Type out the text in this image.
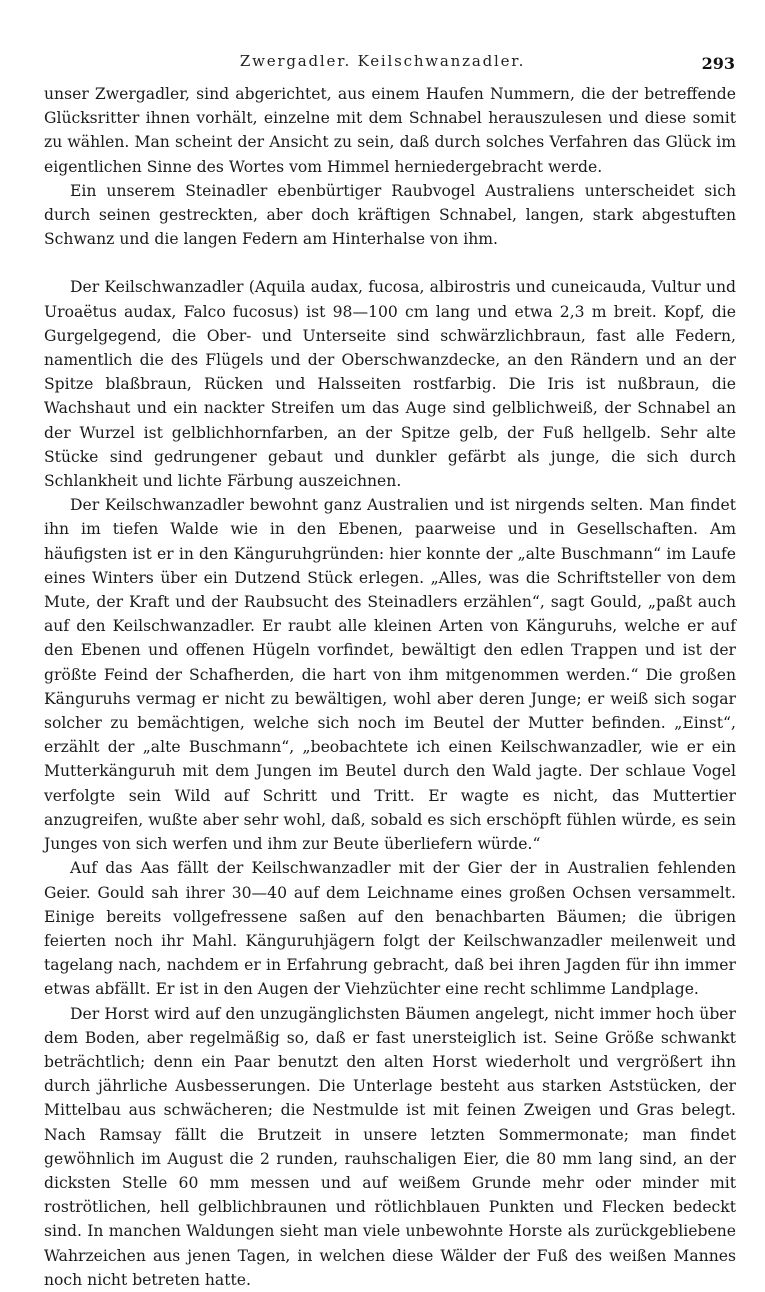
Zwergadler. Keilschwanzadler.	293

unser Zwergadler, sind abgerichtet, aus einem Haufen Nummern, die der betreffende Glücksritter ihnen vorhält, einzelne mit dem Schnabel herauszulesen und diese somit zu wählen. Man scheint der Ansicht zu sein, daß durch solches Verfahren das Glück im eigentlichen Sinne des Wortes vom Himmel herniedergebracht werde.

Ein unserem Steinadler ebenbürtiger Raubvogel Australiens unterscheidet sich durch seinen gestreckten, aber doch kräftigen Schnabel, langen, stark abgestuften Schwanz und die langen Federn am Hinterhalse von ihm.

Der Keilschwanzadler (Aquila audax, fucosa, albirostris und cuneicauda, Vultur und Uroaëtus audax, Falco fucosus) ist 98—100 cm lang und etwa 2,3 m breit. Kopf, die Gurgelgegend, die Ober- und Unterseite sind schwärzlichbraun, fast alle Federn, namentlich die des Flügels und der Oberschwanzdecke, an den Rändern und an der Spitze blaßbraun, Rücken und Halsseiten rostfarbig. Die Iris ist nußbraun, die Wachshaut und ein nackter Streifen um das Auge sind gelblichweiß, der Schnabel an der Wurzel ist gelblichhornfarben, an der Spitze gelb, der Fuß hellgelb. Sehr alte Stücke sind gedrungener gebaut und dunkler gefärbt als junge, die sich durch Schlankheit und lichte Färbung auszeichnen.

Der Keilschwanzadler bewohnt ganz Australien und ist nirgends selten. Man findet ihn im tiefen Walde wie in den Ebenen, paarweise und in Gesellschaften. Am häufigsten ist er in den Känguruhgründen: hier konnte der „alte Buschmann“ im Laufe eines Winters über ein Dutzend Stück erlegen. „Alles, was die Schriftsteller von dem Mute, der Kraft und der Raubsucht des Steinadlers erzählen“, sagt Gould, „paßt auch auf den Keilschwanzadler. Er raubt alle kleinen Arten von Känguruhs, welche er auf den Ebenen und offenen Hügeln vorfindet, bewältigt den edlen Trappen und ist der größte Feind der Schafherden, die hart von ihm mitgenommen werden.“ Die großen Känguruhs vermag er nicht zu bewältigen, wohl aber deren Junge; er weiß sich sogar solcher zu bemächtigen, welche sich noch im Beutel der Mutter befinden. „Einst“, erzählt der „alte Buschmann“, „beobachtete ich einen Keilschwanzadler, wie er ein Mutterkänguruh mit dem Jungen im Beutel durch den Wald jagte. Der schlaue Vogel verfolgte sein Wild auf Schritt und Tritt. Er wagte es nicht, das Muttertier anzugreifen, wußte aber sehr wohl, daß, sobald es sich erschöpft fühlen würde, es sein Junges von sich werfen und ihm zur Beute überliefern würde.“

Auf das Aas fällt der Keilschwanzadler mit der Gier der in Australien fehlenden Geier. Gould sah ihrer 30—40 auf dem Leichname eines großen Ochsen versammelt. Einige bereits vollgefressene saßen auf den benachbarten Bäumen; die übrigen feierten noch ihr Mahl. Känguruhjägern folgt der Keilschwanzadler meilenweit und tagelang nach, nachdem er in Erfahrung gebracht, daß bei ihren Jagden für ihn immer etwas abfällt. Er ist in den Augen der Viehzüchter eine recht schlimme Landplage.

Der Horst wird auf den unzugänglichsten Bäumen angelegt, nicht immer hoch über dem Boden, aber regelmäßig so, daß er fast unersteiglich ist. Seine Größe schwankt beträchtlich; denn ein Paar benutzt den alten Horst wiederholt und vergrößert ihn durch jährliche Ausbesserungen. Die Unterlage besteht aus starken Aststücken, der Mittelbau aus schwächeren; die Nestmulde ist mit feinen Zweigen und Gras belegt. Nach Ramsay fällt die Brutzeit in unsere letzten Sommermonate; man findet gewöhnlich im August die 2 runden, rauhschaligen Eier, die 80 mm lang sind, an der dicksten Stelle 60 mm messen und auf weißem Grunde mehr oder minder mit roströtlichen, hell gelblichbraunen und rötlichblauen Punkten und Flecken bedeckt sind. In manchen Waldungen sieht man viele unbewohnte Horste als zurückgebliebene Wahrzeichen aus jenen Tagen, in welchen diese Wälder der Fuß des weißen Mannes noch nicht betreten hatte.
